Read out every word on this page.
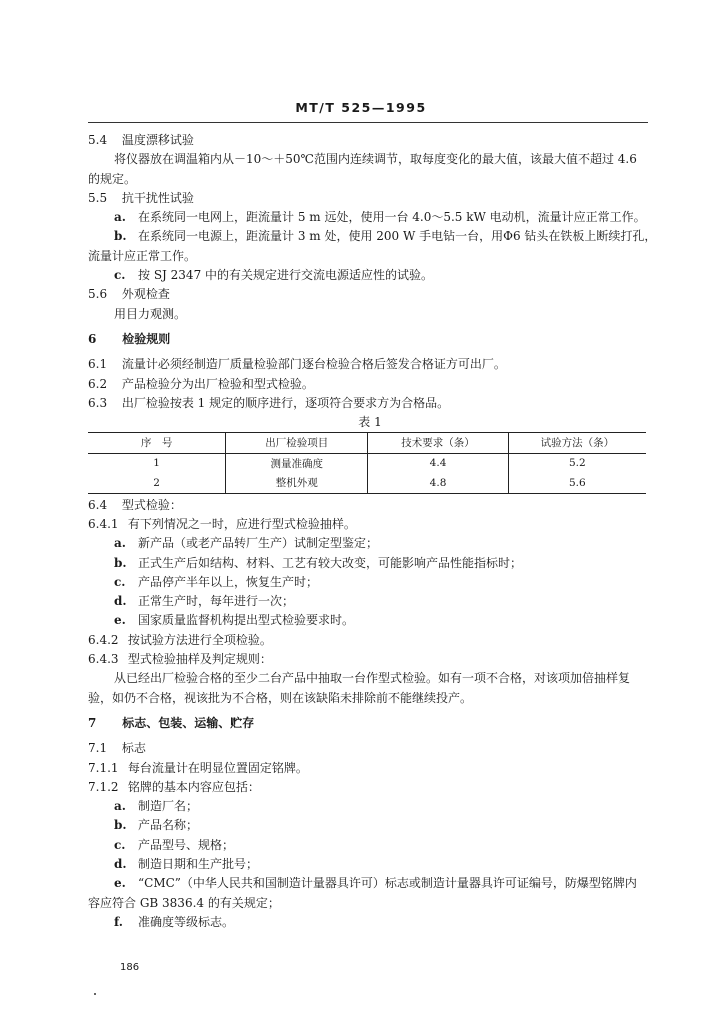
MT/T 525—1995
5.4 温度漂移试验
将仪器放在调温箱内从－10～＋50℃范围内连续调节，取每度变化的最大值，该最大值不超过 4.6
的规定。
5.5 抗干扰性试验
a. 在系统同一电网上，距流量计 5 m 远处，使用一台 4.0～5.5 kW 电动机，流量计应正常工作。
b. 在系统同一电源上，距流量计 3 m 处，使用 200 W 手电钻一台，用Φ6 钻头在铁板上断续打孔，
流量计应正常工作。
c. 按 SJ 2347 中的有关规定进行交流电源适应性的试验。
5.6 外观检查
用目力观测。
6 检验规则
6.1 流量计必须经制造厂质量检验部门逐台检验合格后签发合格证方可出厂。
6.2 产品检验分为出厂检验和型式检验。
6.3 出厂检验按表 1 规定的顺序进行，逐项符合要求方为合格品。
表 1
序　号	出厂检验项目	技术要求（条）	试验方法（条）
1	测量准确度	4.4	5.2
2	整机外观	4.8	5.6
6.4 型式检验：
6.4.1 有下列情况之一时，应进行型式检验抽样。
a. 新产品（或老产品转厂生产）试制定型鉴定；
b. 正式生产后如结构、材料、工艺有较大改变，可能影响产品性能指标时；
c. 产品停产半年以上，恢复生产时；
d. 正常生产时，每年进行一次；
e. 国家质量监督机构提出型式检验要求时。
6.4.2 按试验方法进行全项检验。
6.4.3 型式检验抽样及判定规则：
从已经出厂检验合格的至少二台产品中抽取一台作型式检验。如有一项不合格，对该项加倍抽样复
验，如仍不合格，视该批为不合格，则在该缺陷未排除前不能继续投产。
7 标志、包装、运输、贮存
7.1 标志
7.1.1 每台流量计在明显位置固定铭牌。
7.1.2 铭牌的基本内容应包括：
a. 制造厂名；
b. 产品名称；
c. 产品型号、规格；
d. 制造日期和生产批号；
e. “CMC”（中华人民共和国制造计量器具许可）标志或制造计量器具许可证编号，防爆型铭牌内
容应符合 GB 3836.4 的有关规定；
f. 准确度等级标志。
186
